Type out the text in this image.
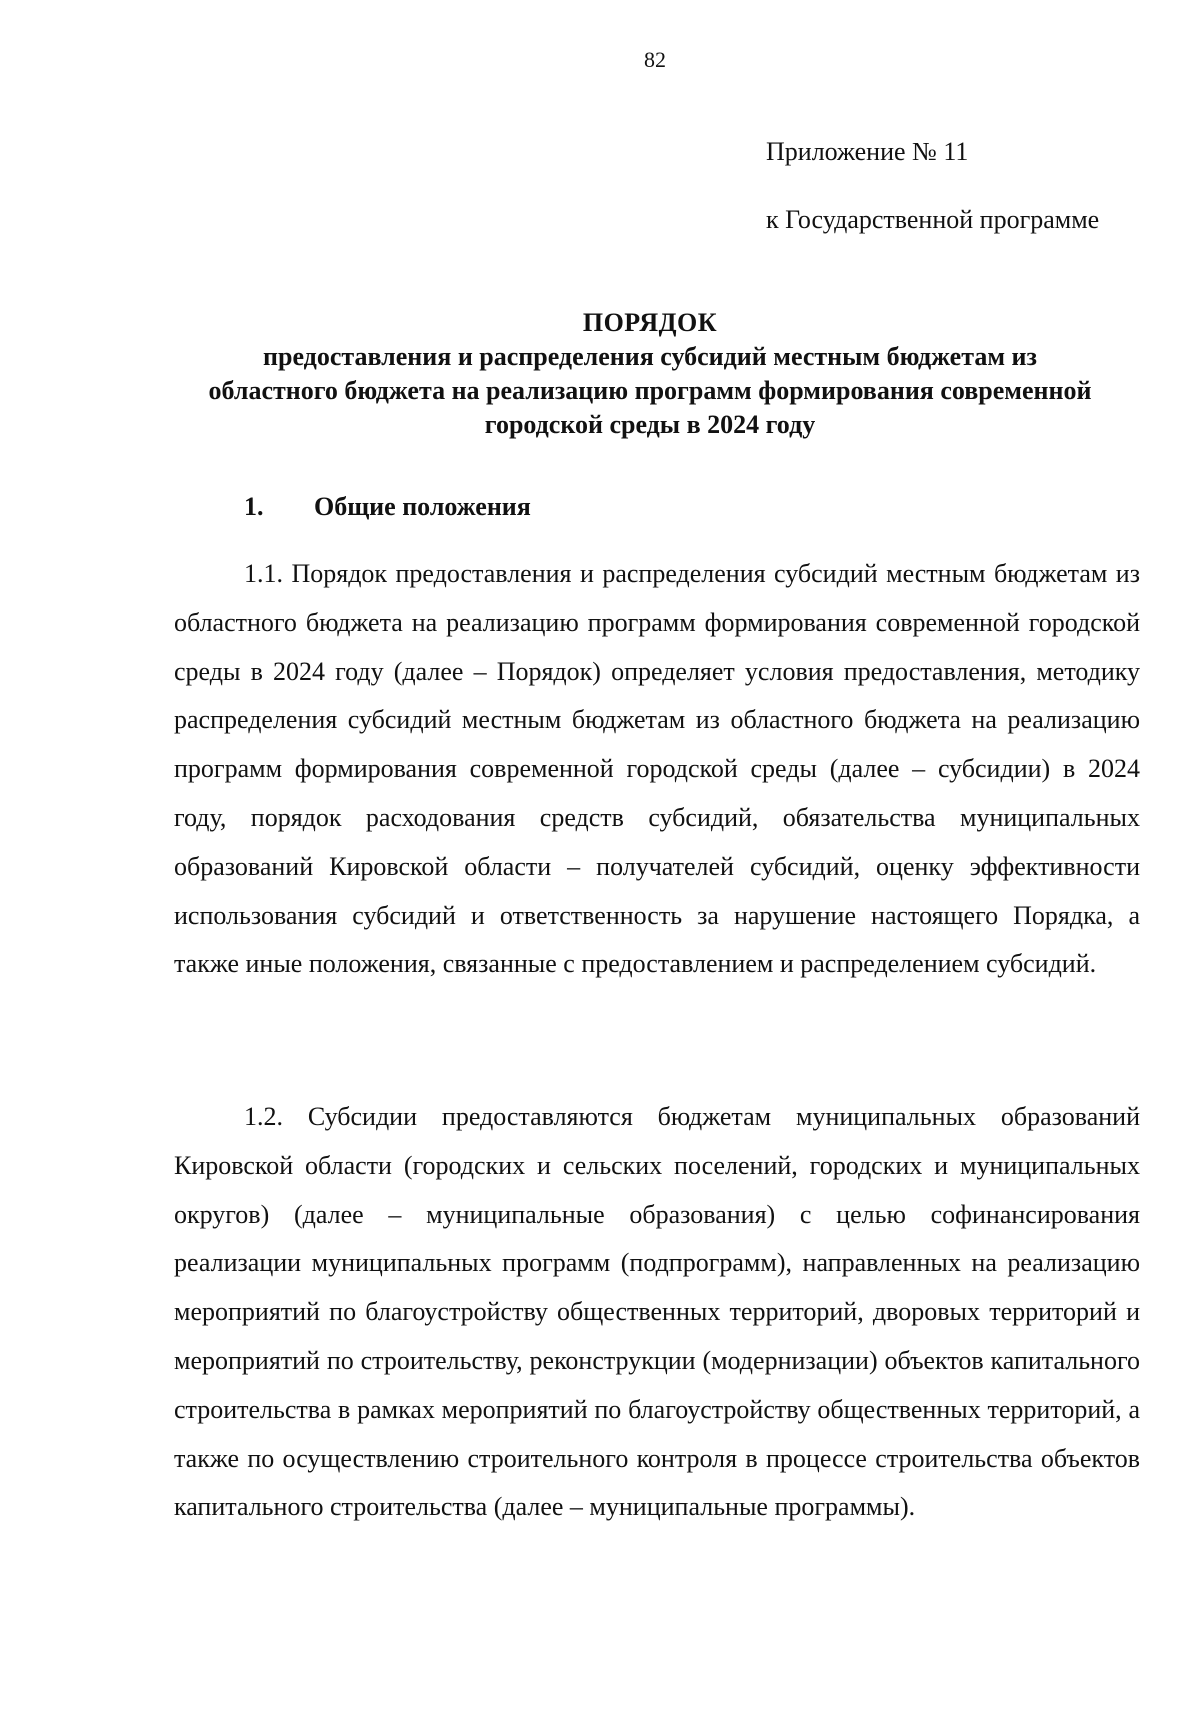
82
Приложение № 11
к Государственной программе
ПОРЯДОК
предоставления и распределения субсидий местным бюджетам из
областного бюджета на реализацию программ формирования современной
городской среды в 2024 году
1. Общие положения

1.1. Порядок предоставления и распределения субсидий местным бюджетам из областного бюджета на реализацию программ формирования современной городской среды в 2024 году (далее – Порядок) определяет условия предоставления, методику распределения субсидий местным бюджетам из областного бюджета на реализацию программ формирования современной городской среды (далее – субсидии) в 2024 году, порядок расходования средств субсидий, обязательства муниципальных образований Кировской области – получателей субсидий, оценку эффективности использования субсидий и ответственность за нарушение настоящего Порядка, а также иные положения, связанные с предоставлением и распределением субсидий.

1.2. Субсидии предоставляются бюджетам муниципальных образований Кировской области (городских и сельских поселений, городских и муниципальных округов) (далее – муниципальные образования) с целью софинансирования реализации муниципальных программ (подпрограмм), направленных на реализацию мероприятий по благоустройству общественных территорий, дворовых территорий и мероприятий по строительству, реконструкции (модернизации) объектов капитального строительства в рамках мероприятий по благоустройству общественных территорий, а также по осуществлению строительного контроля в процессе строительства объектов капитального строительства (далее – муниципальные программы).
